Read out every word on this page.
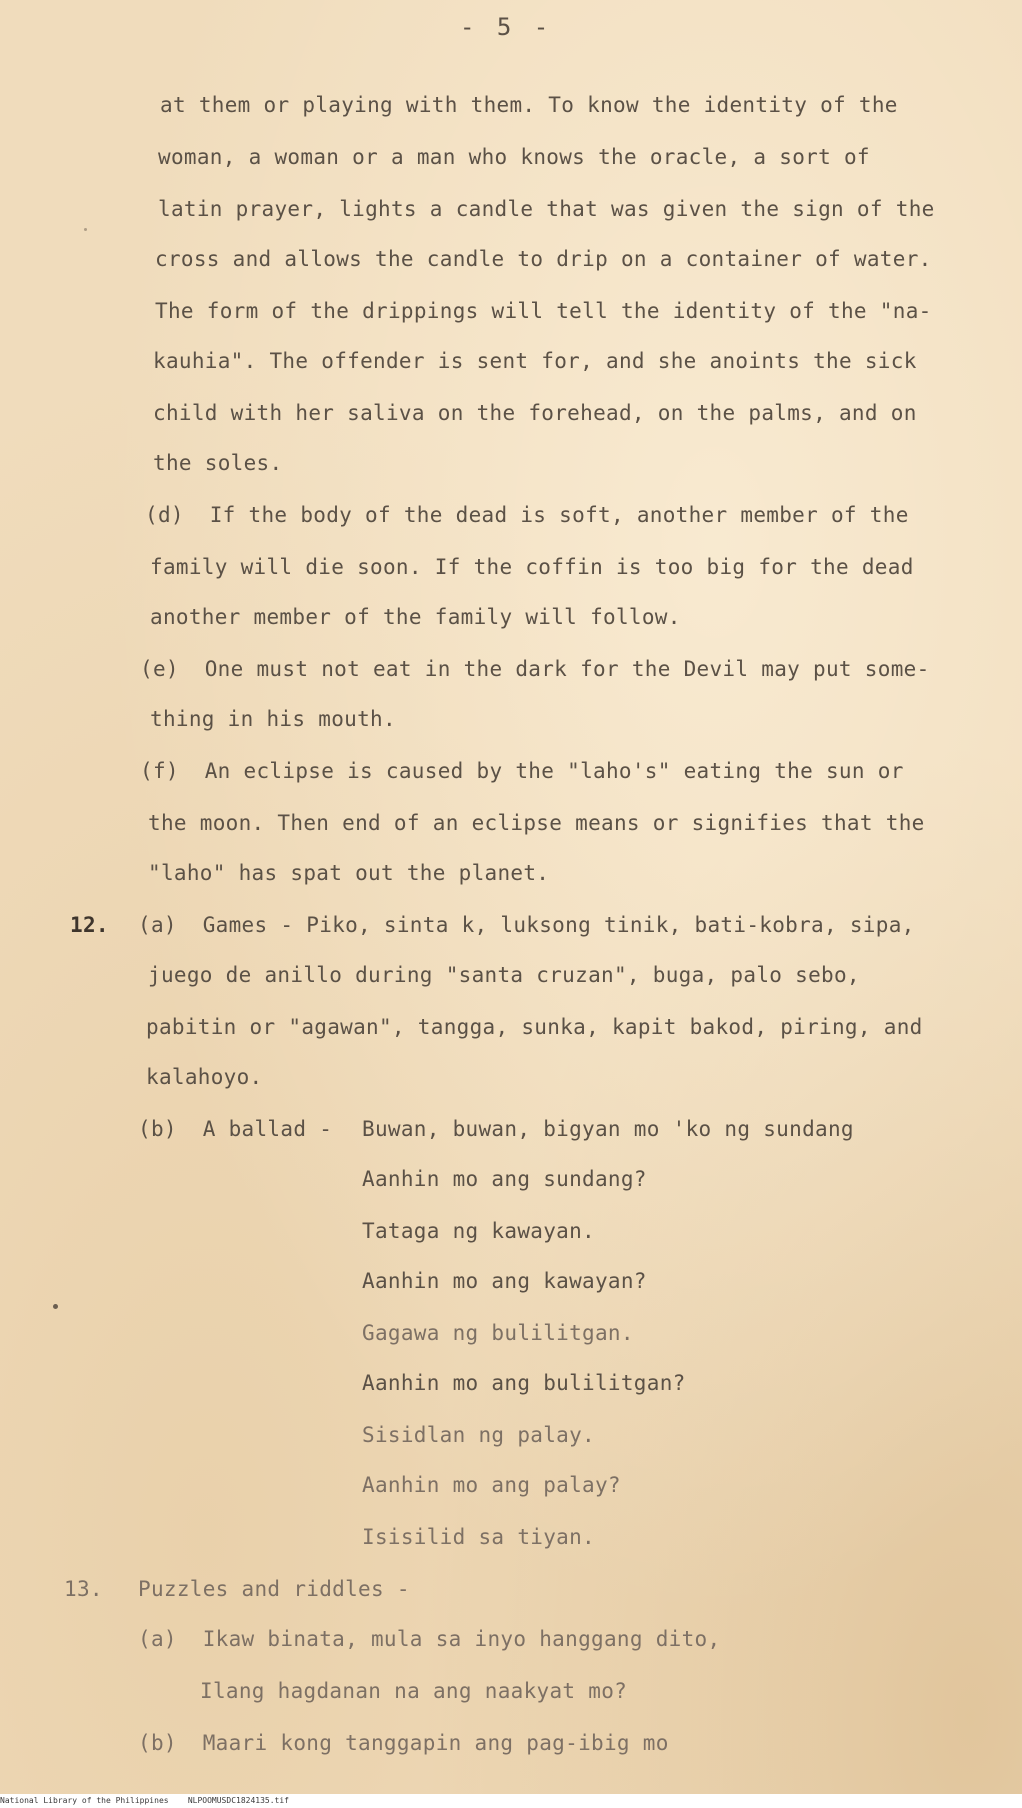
- 5 -
at them or playing with them. To know the identity of the
woman, a woman or a man who knows the oracle, a sort of
latin prayer, lights a candle that was given the sign of the
cross and allows the candle to drip on a container of water.
The form of the drippings will tell the identity of the "na-
kauhia". The offender is sent for, and she anoints the sick
child with her saliva on the forehead, on the palms, and on
the soles.
(d)  If the body of the dead is soft, another member of the
family will die soon. If the coffin is too big for the dead
another member of the family will follow.
(e)  One must not eat in the dark for the Devil may put some-
thing in his mouth.
(f)  An eclipse is caused by the "laho's" eating the sun or
the moon. Then end of an eclipse means or signifies that the
"laho" has spat out the planet.
12. (a)  Games - Piko, sinta k, luksong tinik, bati-kobra, sipa,
juego de anillo during "santa cruzan", buga, palo sebo,
pabitin or "agawan", tangga, sunka, kapit bakod, piring, and
kalahoyo.
(b)  A ballad - Buwan, buwan, bigyan mo 'ko ng sundang
Aanhin mo ang sundang?
Tataga ng kawayan.
Aanhin mo ang kawayan?
Gagawa ng bulilitgan.
Aanhin mo ang bulilitgan?
Sisidlan ng palay.
Aanhin mo ang palay?
Isisilid sa tiyan.
13. Puzzles and riddles -
(a)  Ikaw binata, mula sa inyo hanggang dito,
Ilang hagdanan na ang naakyat mo?
(b)  Maari kong tanggapin ang pag-ibig mo
National Library of the Philippines    NLPOOMUSDC1824135.tif
